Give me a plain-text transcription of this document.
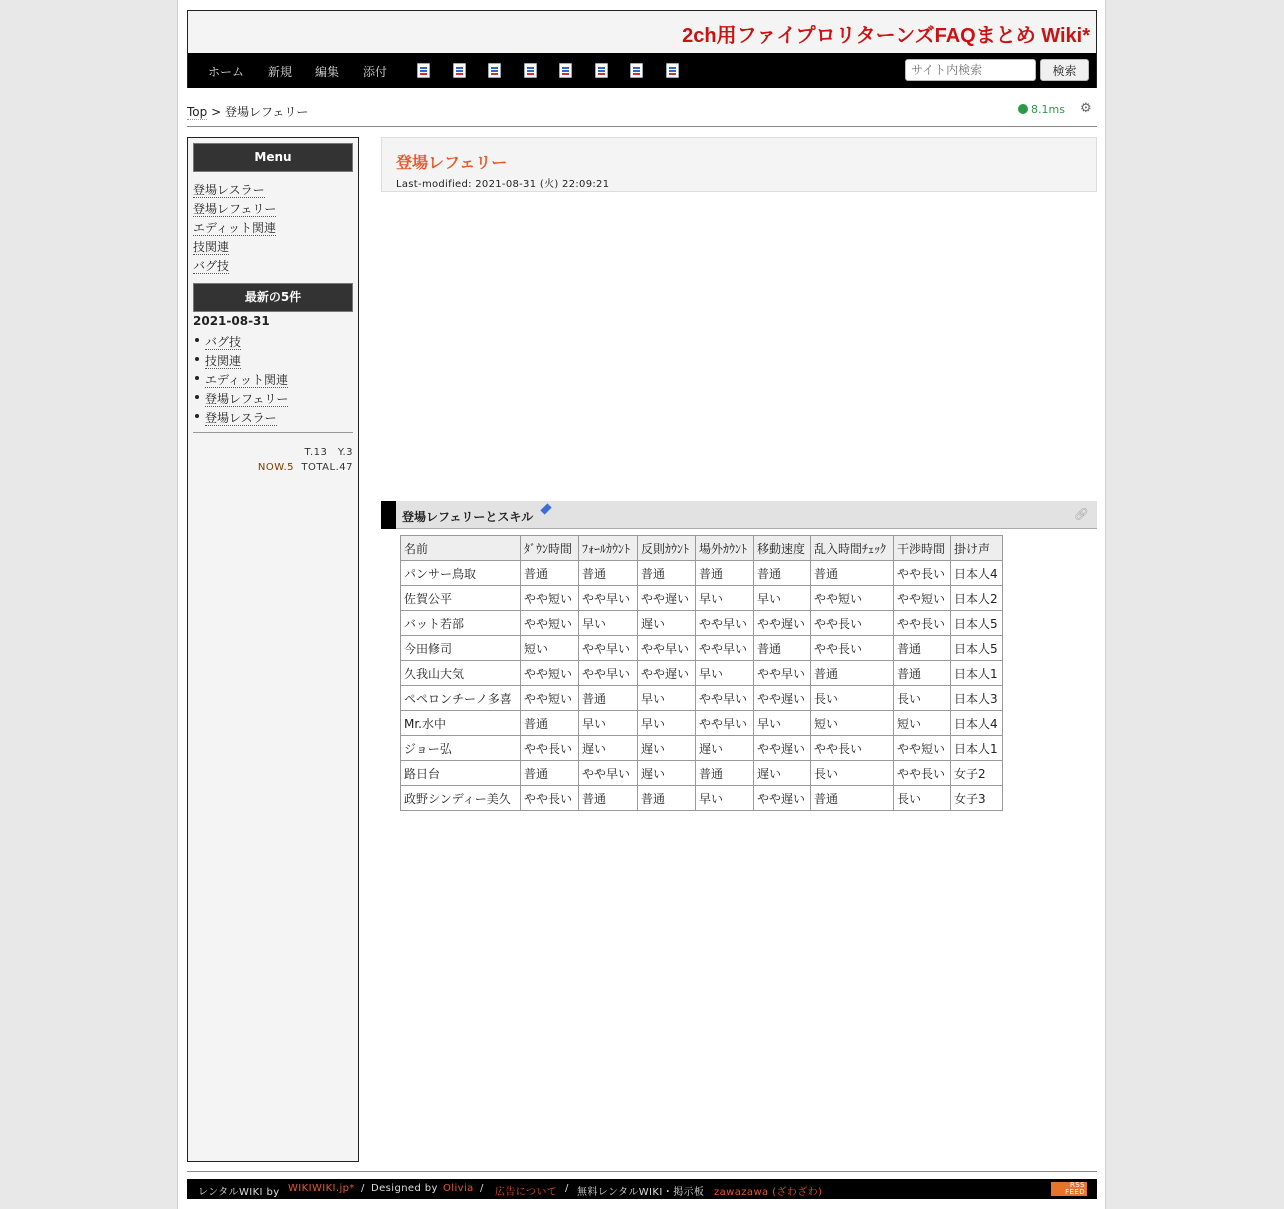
2ch用ファイプロリターンズFAQまとめ Wiki*
ホーム 新規 編集 添付
サイト内検索	検索
Top > 登場レフェリー	8.1ms ⚙
Menu
登場レスラー
登場レフェリー
エディット関連
技関連
バグ技
最新の5件
2021-08-31
バグ技
技関連
エディット関連
登場レフェリー
登場レスラー
T.13　Y.3
NOW.5 TOTAL.47
登場レフェリー
Last-modified: 2021-08-31 (火) 22:09:21
登場レフェリーとスキル	🔗︎
名前	ﾀﾞｳﾝ時間	ﾌｫｰﾙｶｳﾝﾄ	反則ｶｳﾝﾄ	場外ｶｳﾝﾄ	移動速度	乱入時間ﾁｪｯｸ	干渉時間	掛け声
パンサー鳥取	普通	普通	普通	普通	普通	普通	やや長い	日本人4
佐賀公平	やや短い	やや早い	やや遅い	早い	早い	やや短い	やや短い	日本人2
バット若部	やや短い	早い	遅い	やや早い	やや遅い	やや長い	やや長い	日本人5
今田修司	短い	やや早い	やや早い	やや早い	普通	やや長い	普通	日本人5
久我山大気	やや短い	やや早い	やや遅い	早い	やや早い	普通	普通	日本人1
ペペロンチーノ多喜	やや短い	普通	早い	やや早い	やや遅い	長い	長い	日本人3
Mr.水中	普通	早い	早い	やや早い	早い	短い	短い	日本人4
ジョー弘	やや長い	遅い	遅い	遅い	やや遅い	やや長い	やや短い	日本人1
路日台	普通	やや早い	遅い	普通	遅い	長い	やや長い	女子2
政野シンディー美久	やや長い	普通	普通	早い	やや遅い	普通	長い	女子3
レンタルWIKI by WIKIWIKI.jp* / Designed by Olivia / 広告について / 無料レンタルWIKI・掲示板 zawazawa (ざわざわ)
RSS FEED
